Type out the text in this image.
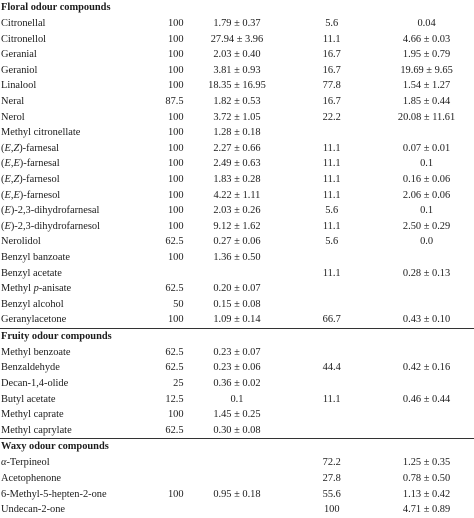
Floral odour compounds				
Citronellal	100	1.79 ± 0.37	5.6	0.04
Citronellol	100	27.94 ± 3.96	11.1	4.66 ± 0.03
Geranial	100	2.03 ± 0.40	16.7	1.95 ± 0.79
Geraniol	100	3.81 ± 0.93	16.7	19.69 ± 9.65
Linalool	100	18.35 ± 16.95	77.8	1.54 ± 1.27
Neral	87.5	1.82 ± 0.53	16.7	1.85 ± 0.44
Nerol	100	3.72 ± 1.05	22.2	20.08 ± 11.61
Methyl citronellate	100	1.28 ± 0.18		
(E,Z)-farnesal	100	2.27 ± 0.66	11.1	0.07 ± 0.01
(E,E)-farnesal	100	2.49 ± 0.63	11.1	0.1
(E,Z)-farnesol	100	1.83 ± 0.28	11.1	0.16 ± 0.06
(E,E)-farnesol	100	4.22 ± 1.11	11.1	2.06 ± 0.06
(E)-2,3-dihydrofarnesal	100	2.03 ± 0.26	5.6	0.1
(E)-2,3-dihydrofarnesol	100	9.12 ± 1.62	11.1	2.50 ± 0.29
Nerolidol	62.5	0.27 ± 0.06	5.6	0.0
Benzyl banzoate	100	1.36 ± 0.50		
Benzyl acetate			11.1	0.28 ± 0.13
Methyl p-anisate	62.5	0.20 ± 0.07		
Benzyl alcohol	50	0.15 ± 0.08		
Geranylacetone	100	1.09 ± 0.14	66.7	0.43 ± 0.10
Fruity odour compounds				
Methyl benzoate	62.5	0.23 ± 0.07		
Benzaldehyde	62.5	0.23 ± 0.06	44.4	0.42 ± 0.16
Decan-1,4-olide	25	0.36 ± 0.02		
Butyl acetate	12.5	0.1	11.1	0.46 ± 0.44
Methyl caprate	100	1.45 ± 0.25		
Methyl caprylate	62.5	0.30 ± 0.08		
Waxy odour compounds				
α-Terpineol			72.2	1.25 ± 0.35
Acetophenone			27.8	0.78 ± 0.50
6-Methyl-5-hepten-2-one	100	0.95 ± 0.18	55.6	1.13 ± 0.42
Undecan-2-one			100	4.71 ± 0.89
